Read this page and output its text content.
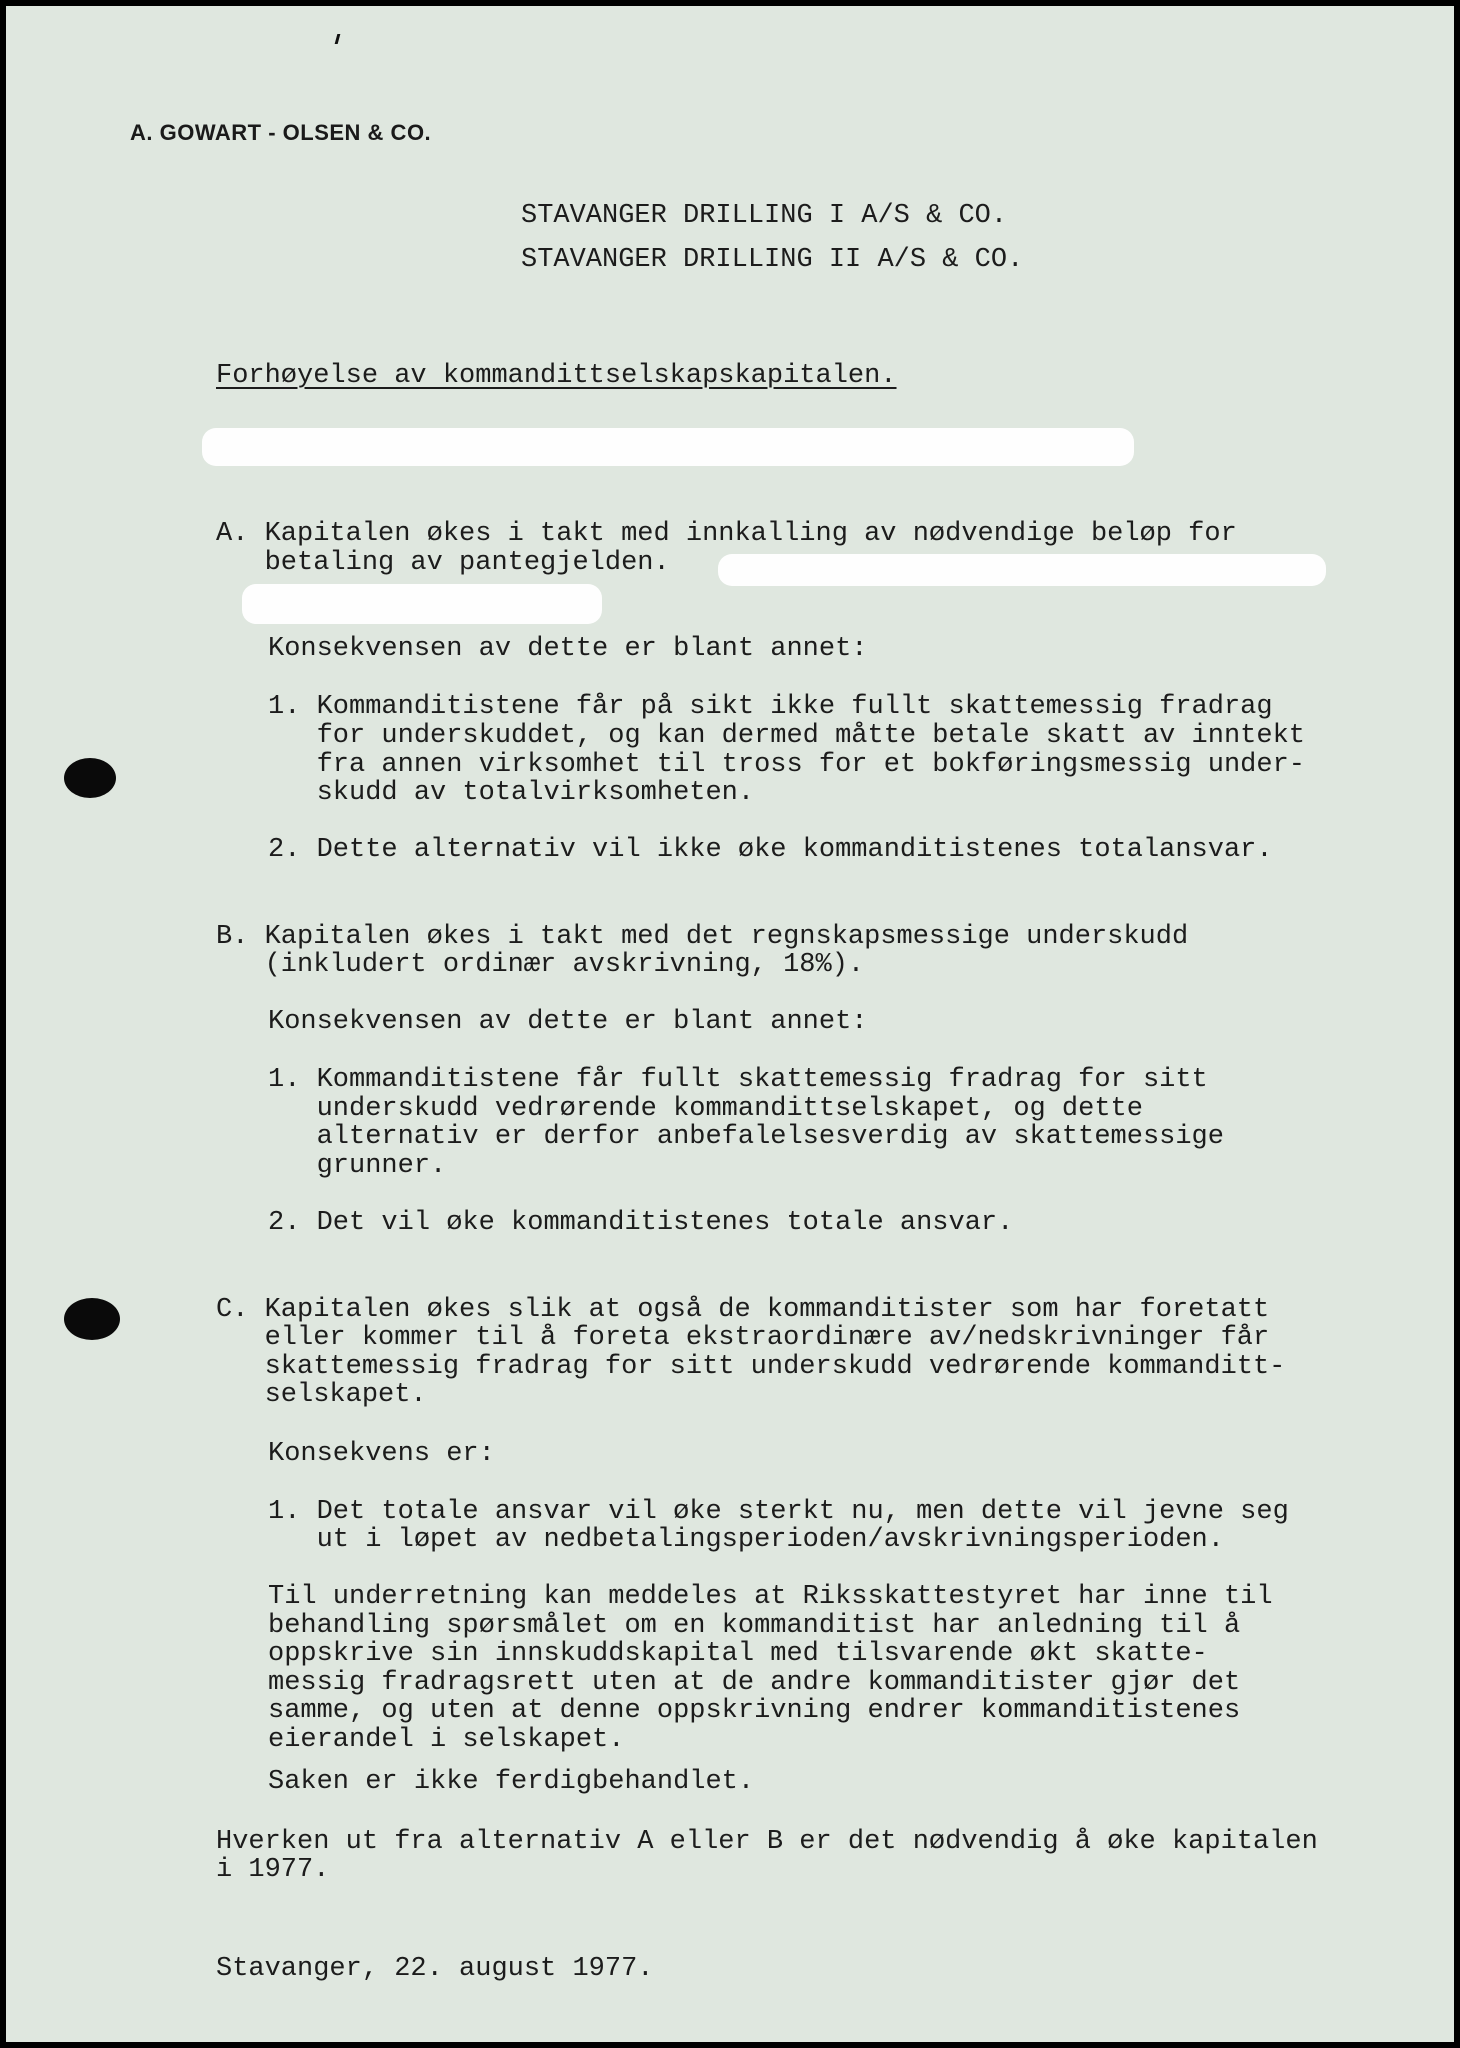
A. GOWART - OLSEN & CO.
STAVANGER DRILLING I A/S & CO.
STAVANGER DRILLING II A/S & CO.
Forhøyelse av kommandittselskapskapitalen.
A. Kapitalen økes i takt med innkalling av nødvendige beløp for
betaling av pantegjelden.
Konsekvensen av dette er blant annet:
1. Kommanditistene får på sikt ikke fullt skattemessig fradrag
for underskuddet, og kan dermed måtte betale skatt av inntekt
fra annen virksomhet til tross for et bokføringsmessig under-
skudd av totalvirksomheten.
2. Dette alternativ vil ikke øke kommanditistenes totalansvar.
B. Kapitalen økes i takt med det regnskapsmessige underskudd
(inkludert ordinær avskrivning, 18%).
Konsekvensen av dette er blant annet:
1. Kommanditistene får fullt skattemessig fradrag for sitt
underskudd vedrørende kommandittselskapet, og dette
alternativ er derfor anbefalelsesverdig av skattemessige
grunner.
2. Det vil øke kommanditistenes totale ansvar.
C. Kapitalen økes slik at også de kommanditister som har foretatt
eller kommer til å foreta ekstraordinære av/nedskrivninger får
skattemessig fradrag for sitt underskudd vedrørende kommanditt-
selskapet.
Konsekvens er:
1. Det totale ansvar vil øke sterkt nu, men dette vil jevne seg
ut i løpet av nedbetalingsperioden/avskrivningsperioden.
Til underretning kan meddeles at Riksskattestyret har inne til
behandling spørsmålet om en kommanditist har anledning til å
oppskrive sin innskuddskapital med tilsvarende økt skatte-
messig fradragsrett uten at de andre kommanditister gjør det
samme, og uten at denne oppskrivning endrer kommanditistenes
eierandel i selskapet.
Saken er ikke ferdigbehandlet.
Hverken ut fra alternativ A eller B er det nødvendig å øke kapitalen
i 1977.
Stavanger, 22. august 1977.
